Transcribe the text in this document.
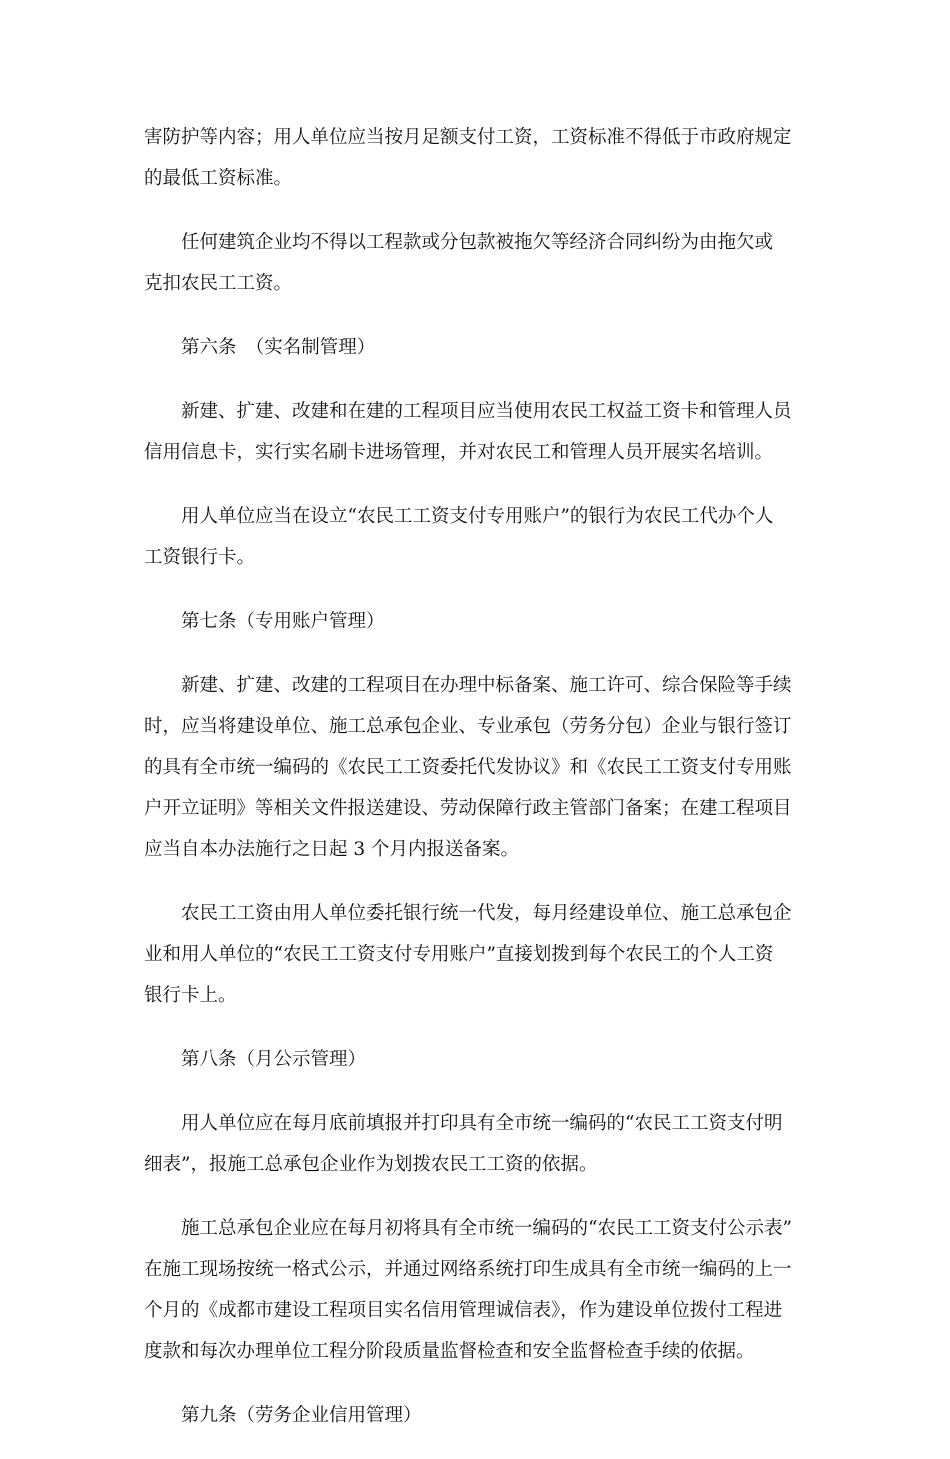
害防护等内容；用人单位应当按月足额支付工资，工资标准不得低于市政府规定
的最低工资标准。

任何建筑企业均不得以工程款或分包款被拖欠等经济合同纠纷为由拖欠或
克扣农民工工资。

第六条　（实名制管理）

新建、扩建、改建和在建的工程项目应当使用农民工权益工资卡和管理人员
信用信息卡，实行实名刷卡进场管理，并对农民工和管理人员开展实名培训。

用人单位应当在设立“农民工工资支付专用账户”的银行为农民工代办个人
工资银行卡。

第七条（专用账户管理）

新建、扩建、改建的工程项目在办理中标备案、施工许可、综合保险等手续
时，应当将建设单位、施工总承包企业、专业承包（劳务分包）企业与银行签订
的具有全市统一编码的《农民工工资委托代发协议》和《农民工工资支付专用账
户开立证明》等相关文件报送建设、劳动保障行政主管部门备案；在建工程项目
应当自本办法施行之日起 3 个月内报送备案。

农民工工资由用人单位委托银行统一代发，每月经建设单位、施工总承包企
业和用人单位的“农民工工资支付专用账户”直接划拨到每个农民工的个人工资
银行卡上。

第八条（月公示管理）

用人单位应在每月底前填报并打印具有全市统一编码的“农民工工资支付明
细表”，报施工总承包企业作为划拨农民工工资的依据。

施工总承包企业应在每月初将具有全市统一编码的“农民工工资支付公示表”
在施工现场按统一格式公示，并通过网络系统打印生成具有全市统一编码的上一
个月的《成都市建设工程项目实名信用管理诚信表》，作为建设单位拨付工程进
度款和每次办理单位工程分阶段质量监督检查和安全监督检查手续的依据。

第九条（劳务企业信用管理）
